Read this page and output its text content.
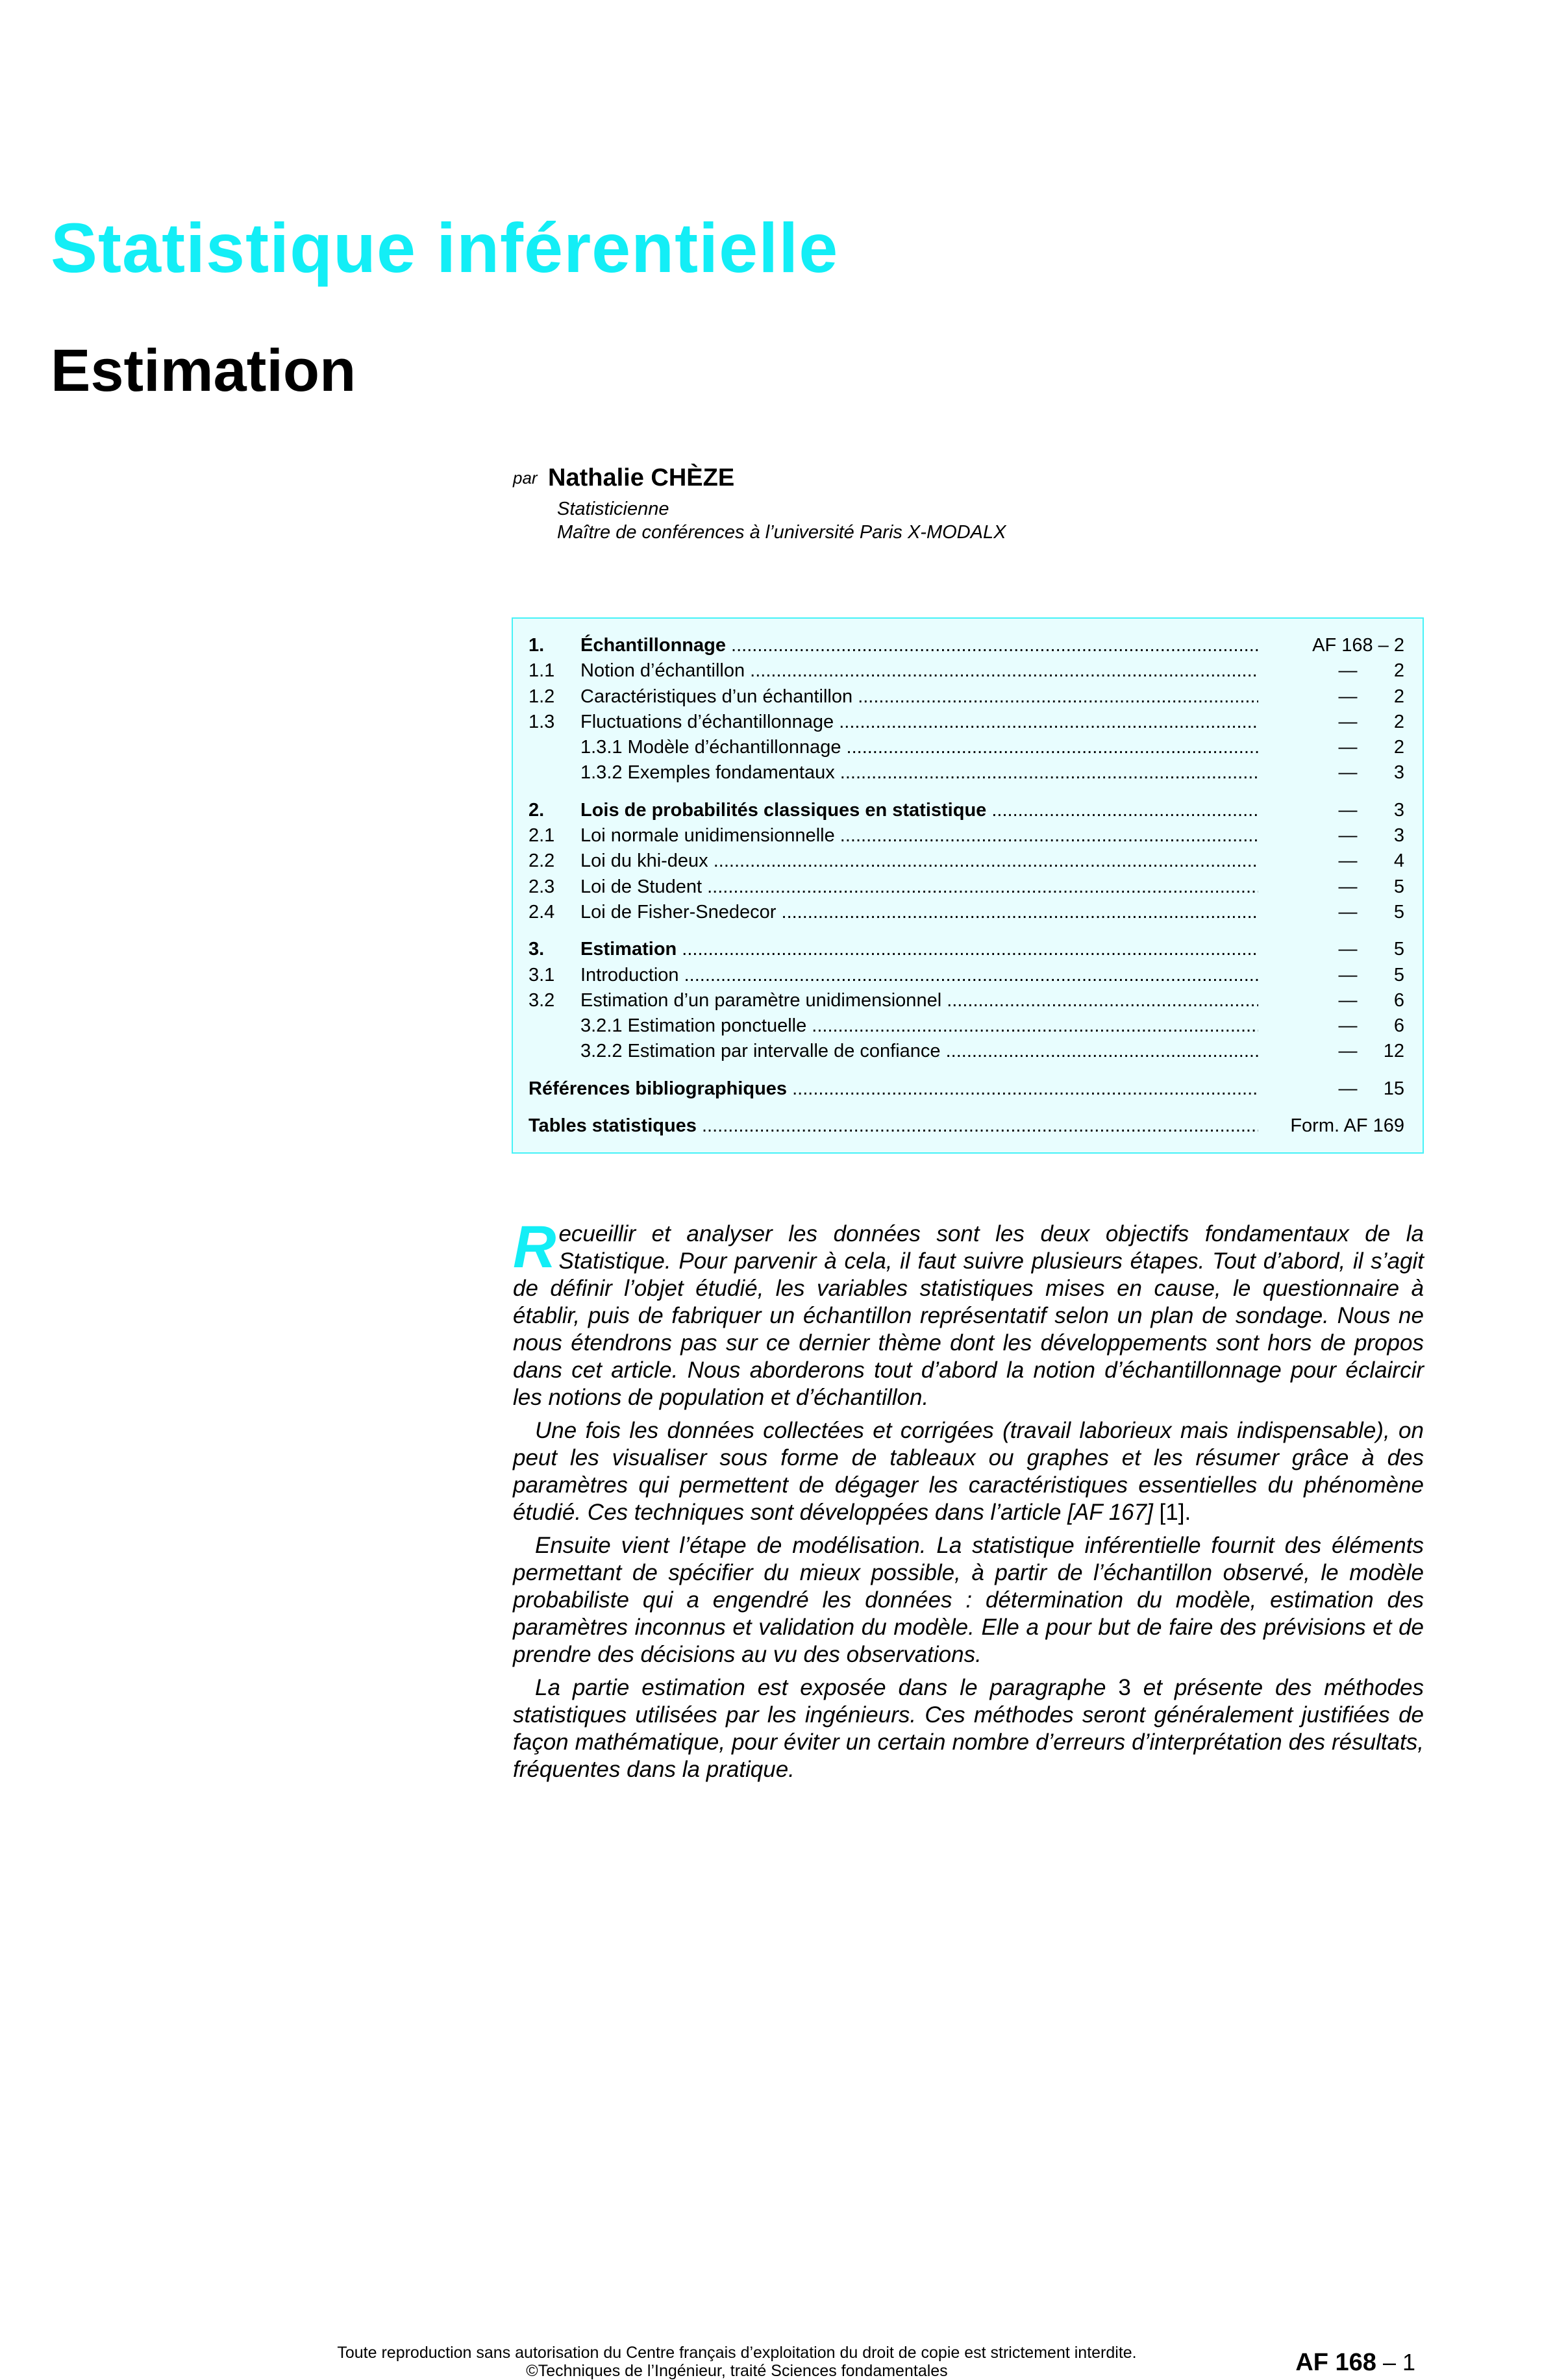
Statistique inférentielle
Estimation
par Nathalie CHÈZE
Statisticienne
Maître de conférences à l’université Paris X-MODALX
1. Échantillonnage .....	AF 168 – 2
1.1 Notion d’échantillon .....	—       2
1.2 Caractéristiques d’un échantillon .....	—       2
1.3 Fluctuations d’échantillonnage .....	—       2
1.3.1 Modèle d’échantillonnage .....	—       2
1.3.2 Exemples fondamentaux .....	—       3
2. Lois de probabilités classiques en statistique .....	—       3
2.1 Loi normale unidimensionnelle .....	—       3
2.2 Loi du khi-deux .....	—       4
2.3 Loi de Student .....	—       5
2.4 Loi de Fisher-Snedecor .....	—       5
3. Estimation .....	—       5
3.1 Introduction .....	—       5
3.2 Estimation d’un paramètre unidimensionnel .....	—       6
3.2.1 Estimation ponctuelle .....	—       6
3.2.2 Estimation par intervalle de confiance .....	—     12
Références bibliographiques .....	—     15
Tables statistiques .....	Form. AF 169

Recueillir et analyser les données sont les deux objectifs fondamentaux de la Statistique. Pour parvenir à cela, il faut suivre plusieurs étapes. Tout d’abord, il s’agit de définir l’objet étudié, les variables statistiques mises en cause, le questionnaire à établir, puis de fabriquer un échantillon représentatif selon un plan de sondage. Nous ne nous étendrons pas sur ce dernier thème dont les développements sont hors de propos dans cet article. Nous aborderons tout d’abord la notion d’échantillonnage pour éclaircir les notions de population et d’échantillon.

Une fois les données collectées et corrigées (travail laborieux mais indispensable), on peut les visualiser sous forme de tableaux ou graphes et les résumer grâce à des paramètres qui permettent de dégager les caractéristiques essentielles du phénomène étudié. Ces techniques sont développées dans l’article [AF 167] [1].

Ensuite vient l’étape de modélisation. La statistique inférentielle fournit des éléments permettant de spécifier du mieux possible, à partir de l’échantillon observé, le modèle probabiliste qui a engendré les données : détermination du modèle, estimation des paramètres inconnus et validation du modèle. Elle a pour but de faire des prévisions et de prendre des décisions au vu des observations.

La partie estimation est exposée dans le paragraphe 3 et présente des méthodes statistiques utilisées par les ingénieurs. Ces méthodes seront généralement justifiées de façon mathématique, pour éviter un certain nombre d’erreurs d’interprétation des résultats, fréquentes dans la pratique.

Toute reproduction sans autorisation du Centre français d’exploitation du droit de copie est strictement interdite.
©Techniques de l’Ingénieur, traité Sciences fondamentales	AF 168 – 1
